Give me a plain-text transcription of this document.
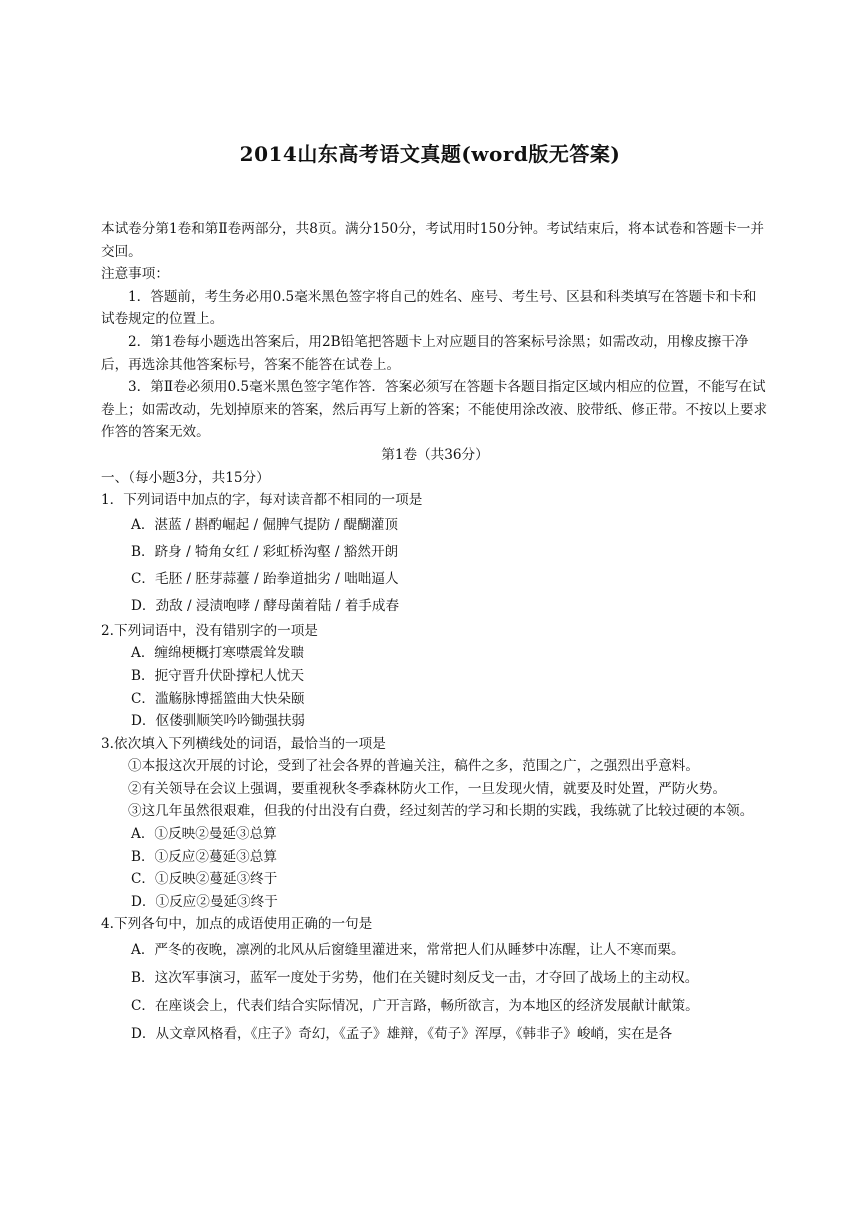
2014山东高考语文真题(word版无答案)

本试卷分第1卷和第Ⅱ卷两部分，共8页。满分150分，考试用时150分钟。考试结束后，将本试卷和答题卡一并交回。

注意事项：

1．答题前，考生务必用0.5毫米黑色签字将自己的姓名、座号、考生号、区县和科类填写在答题卡和卡和试卷规定的位置上。

2．第1卷每小题选出答案后，用2B铅笔把答题卡上对应题目的答案标号涂黑；如需改动，用橡皮擦干净后，再选涂其他答案标号，答案不能答在试卷上。

3．第Ⅱ卷必须用0.5毫米黑色签字笔作答．答案必须写在答题卡各题目指定区域内相应的位置，不能写在试卷上；如需改动，先划掉原来的答案，然后再写上新的答案；不能使用涂改液、胶带纸、修正带。不按以上要求作答的答案无效。

第1卷（共36分）

一、（每小题3分，共15分）

1．下列词语中加点的字，每对读音都不相同的一项是

A．湛蓝 / 斟酌崛起 / 倔脾气提防 / 醍醐灌顶

B．跻身 / 犄角女红 / 彩虹桥沟壑 / 豁然开朗

C．毛胚 / 胚芽蒜薹 / 跆拳道拙劣 / 咄咄逼人

D．劲敌 / 浸渍咆哮 / 酵母菌着陆 / 着手成春

2.下列词语中，没有错别字的一项是

A．缠绵梗概打寒噤震耸发聩

B．扼守晋升伏卧撑杞人忧天

C．滥觞脉博摇篮曲大快朵颐

D．伛偻驯顺笑吟吟锄强扶弱

3.依次填入下列横线处的词语，最恰当的一项是

①本报这次开展的讨论，受到了社会各界的普遍关注，稿件之多，范围之广，之强烈出乎意料。

②有关领导在会议上强调，要重视秋冬季森林防火工作，一旦发现火情，就要及时处置，严防火势。

③这几年虽然很艰难，但我的付出没有白费，经过刻苦的学习和长期的实践，我练就了比较过硬的本领。

A．①反映②曼延③总算

B．①反应②蔓延③总算

C．①反映②蔓延③终于

D．①反应②曼延③终于

4.下列各句中，加点的成语使用正确的一句是

A．严冬的夜晚，凛冽的北风从后窗缝里灌进来，常常把人们从睡梦中冻醒，让人不寒而栗。

B．这次军事演习，蓝军一度处于劣势，他们在关键时刻反戈一击，才夺回了战场上的主动权。

C．在座谈会上，代表们结合实际情况，广开言路，畅所欲言，为本地区的经济发展献计献策。

D．从文章风格看，《庄子》奇幻，《孟子》雄辩，《荀子》浑厚，《韩非子》峻峭，实在是各
